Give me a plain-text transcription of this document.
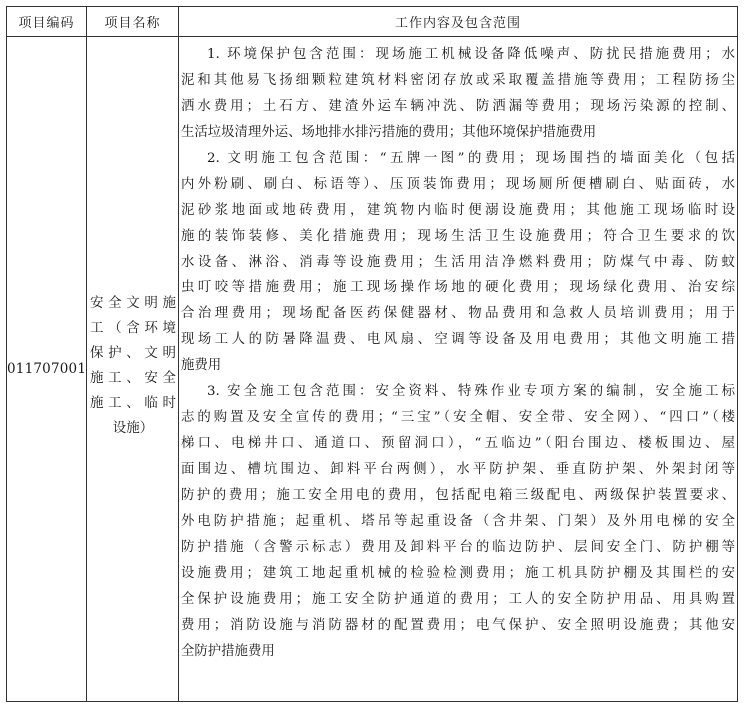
项目编码	项目名称	工作内容及包含范围
011707001
安全文明施
工（含环境
保护、文明
施工、安全
施工、临时
设施）
1. 环境保护包含范围：现场施工机械设备降低噪声、防扰民措施费用；水
泥和其他易飞扬细颗粒建筑材料密闭存放或采取覆盖措施等费用；工程防扬尘
洒水费用；土石方、建渣外运车辆冲洗、防洒漏等费用；现场污染源的控制、
生活垃圾清理外运、场地排水排污措施的费用；其他环境保护措施费用
2. 文明施工包含范围：“五牌一图”的费用；现场围挡的墙面美化（包括
内外粉刷、刷白、标语等）、压顶装饰费用；现场厕所便槽刷白、贴面砖，水
泥砂浆地面或地砖费用，建筑物内临时便溺设施费用；其他施工现场临时设
施的装饰装修、美化措施费用；现场生活卫生设施费用；符合卫生要求的饮
水设备、淋浴、消毒等设施费用；生活用洁净燃料费用；防煤气中毒、防蚊
虫叮咬等措施费用；施工现场操作场地的硬化费用；现场绿化费用、治安综
合治理费用；现场配备医药保健器材、物品费用和急救人员培训费用；用于
现场工人的防暑降温费、电风扇、空调等设备及用电费用；其他文明施工措
施费用
3. 安全施工包含范围：安全资料、特殊作业专项方案的编制，安全施工标
志的购置及安全宣传的费用；“三宝”（安全帽、安全带、安全网）、“四口”（楼
梯口、电梯井口、通道口、预留洞口），“五临边”（阳台围边、楼板围边、屋
面围边、槽坑围边、卸料平台两侧），水平防护架、垂直防护架、外架封闭等
防护的费用；施工安全用电的费用，包括配电箱三级配电、两级保护装置要求、
外电防护措施；起重机、塔吊等起重设备（含井架、门架）及外用电梯的安全
防护措施（含警示标志）费用及卸料平台的临边防护、层间安全门、防护棚等
设施费用；建筑工地起重机械的检验检测费用；施工机具防护棚及其围栏的安
全保护设施费用；施工安全防护通道的费用；工人的安全防护用品、用具购置
费用；消防设施与消防器材的配置费用；电气保护、安全照明设施费；其他安
全防护措施费用
